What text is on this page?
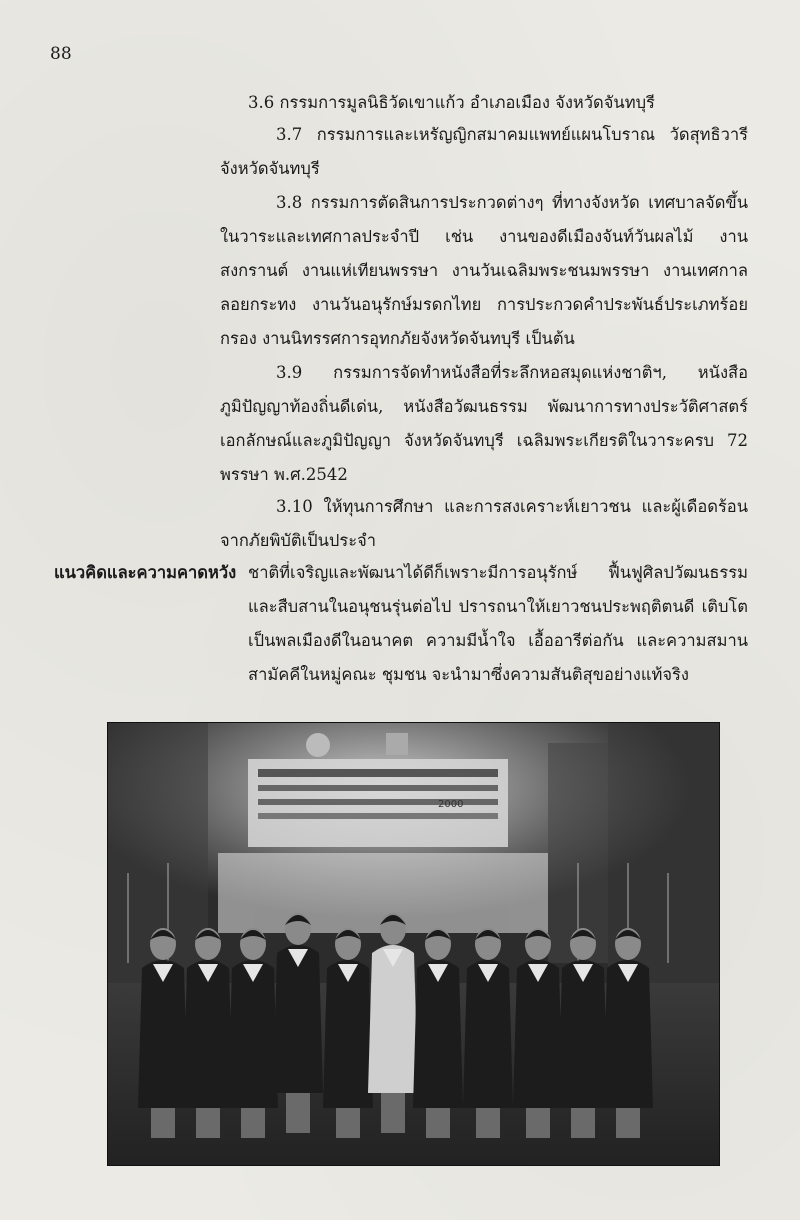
88

3.6 กรรมการมูลนิธิวัดเขาแก้ว อำเภอเมือง จังหวัดจันทบุรี

3.7 กรรมการและเหรัญญิกสมาคมแพทย์แผนโบราณ วัดสุทธิวารี จังหวัดจันทบุรี

3.8 กรรมการตัดสินการประกวดต่างๆ ที่ทางจังหวัด เทศบาลจัดขึ้นในวาระและเทศกาลประจำปี เช่น งานของดีเมืองจันท์วันผลไม้ งานสงกรานต์ งานแห่เทียนพรรษา งานวันเฉลิมพระชนมพรรษา งานเทศกาลลอยกระทง งานวันอนุรักษ์มรดกไทย การประกวดคำประพันธ์ประเภทร้อยกรอง งานนิทรรศการอุทกภัยจังหวัดจันทบุรี เป็นต้น

3.9 กรรมการจัดทำหนังสือที่ระลึกหอสมุดแห่งชาติฯ, หนังสือภูมิปัญญาท้องถิ่นดีเด่น, หนังสือวัฒนธรรม พัฒนาการทางประวัติศาสตร์ เอกลักษณ์และภูมิปัญญา จังหวัดจันทบุรี เฉลิมพระเกียรติในวาระครบ 72 พรรษา พ.ศ.2542

3.10 ให้ทุนการศึกษา และการสงเคราะห์เยาวชน และผู้เดือดร้อนจากภัยพิบัติเป็นประจำ

แนวคิดและความคาดหวัง ชาติที่เจริญและพัฒนาได้ดีก็เพราะมีการอนุรักษ์ ฟื้นฟูศิลปวัฒนธรรม และสืบสานในอนุชนรุ่นต่อไป ปรารถนาให้เยาวชนประพฤติตนดี เติบโตเป็นพลเมืองดีในอนาคต ความมีน้ำใจ เอื้ออารีต่อกัน และความสมานสามัคคีในหมู่คณะ ชุมชน จะนำมาซึ่งความสันติสุขอย่างแท้จริง

2000
